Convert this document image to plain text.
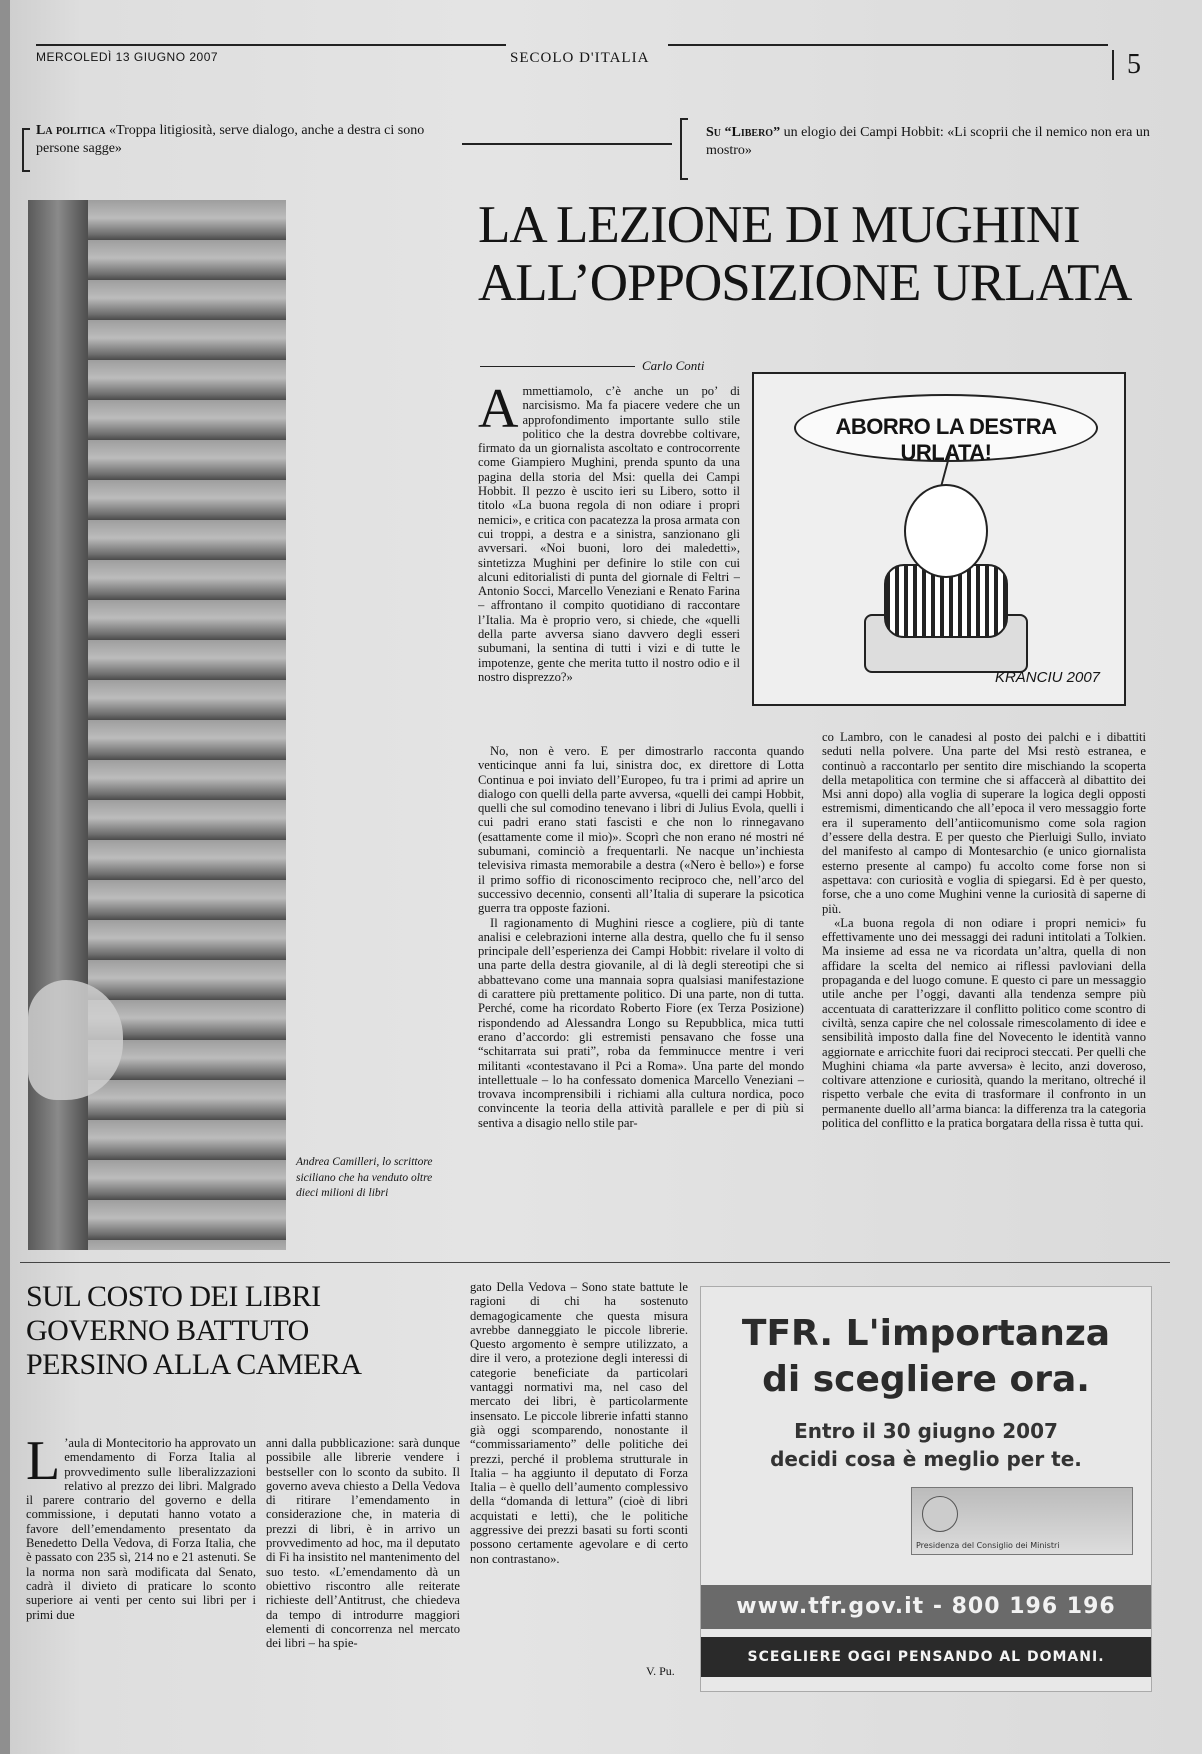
MERCOLEDÌ 13 GIUGNO 2007	SECOLO D'ITALIA	5
La politica «Troppa litigiosità, serve dialogo, anche a destra ci sono persone sagge»
Su “Libero” un elogio dei Campi Hobbit: «Li scoprii che il nemico non era un mostro»
LA LEZIONE DI MUGHINI
ALL’OPPOSIZIONE URLATA
Carlo Conti
Andrea Camilleri, lo scrittore siciliano che ha venduto oltre dieci milioni di libri
ABORRO LA DESTRA URLATA!
KRANCIU 2007

Ammettiamolo, c’è anche un po’ di narcisismo. Ma fa piacere vedere che un approfondimento importante sullo stile politico che la destra dovrebbe coltivare, firmato da un giornalista ascoltato e controcorrente come Giampiero Mughini, prenda spunto da una pagina della storia del Msi: quella dei Campi Hobbit. Il pezzo è uscito ieri su Libero, sotto il titolo «La buona regola di non odiare i propri nemici», e critica con pacatezza la prosa armata con cui troppi, a destra e a sinistra, sanzionano gli avversari. «Noi buoni, loro dei maledetti», sintetizza Mughini per definire lo stile con cui alcuni editorialisti di punta del giornale di Feltri – Antonio Socci, Marcello Veneziani e Renato Farina – affrontano il compito quotidiano di raccontare l’Italia. Ma è proprio vero, si chiede, che «quelli della parte avversa siano davvero degli esseri subumani, la sentina di tutti i vizi e di tutte le impotenze, gente che merita tutto il nostro odio e il nostro disprezzo?»

No, non è vero. E per dimostrarlo racconta quando venticinque anni fa lui, sinistra doc, ex direttore di Lotta Continua e poi inviato dell’Europeo, fu tra i primi ad aprire un dialogo con quelli della parte avversa, «quelli dei campi Hobbit, quelli che sul comodino tenevano i libri di Julius Evola, quelli i cui padri erano stati fascisti e che non lo rinnegavano (esattamente come il mio)». Scoprì che non erano né mostri né subumani, cominciò a frequentarli. Ne nacque un’inchiesta televisiva rimasta memorabile a destra («Nero è bello») e forse il primo soffio di riconoscimento reciproco che, nell’arco del successivo decennio, consentì all’Italia di superare la psicotica guerra tra opposte fazioni.

Il ragionamento di Mughini riesce a cogliere, più di tante analisi e celebrazioni interne alla destra, quello che fu il senso principale dell’esperienza dei Campi Hobbit: rivelare il volto di una parte della destra giovanile, al di là degli stereotipi che si abbattevano come una mannaia sopra qualsiasi manifestazione di carattere più prettamente politico. Di una parte, non di tutta. Perché, come ha ricordato Roberto Fiore (ex Terza Posizione) rispondendo ad Alessandra Longo su Repubblica, mica tutti erano d’accordo: gli estremisti pensavano che fosse una “schitarrata sui prati”, roba da femminucce mentre i veri militanti «contestavano il Pci a Roma». Una parte del mondo intellettuale – lo ha confessato domenica Marcello Veneziani – trovava incomprensibili i richiami alla cultura nordica, poco convincente la teoria della attività parallele e per di più si sentiva a disagio nello stile par-

co Lambro, con le canadesi al posto dei palchi e i dibattiti seduti nella polvere. Una parte del Msi restò estranea, e continuò a raccontarlo per sentito dire mischiando la scoperta della metapolitica con termine che si affaccerà al dibattito dei Msi anni dopo) alla voglia di superare la logica degli opposti estremismi, dimenticando che all’epoca il vero messaggio forte era il superamento dell’antiicomunismo come sola ragion d’essere della destra. E per questo che Pierluigi Sullo, inviato del manifesto al campo di Montesarchio (e unico giornalista esterno presente al campo) fu accolto come forse non si aspettava: con curiosità e voglia di spiegarsi. Ed è per questo, forse, che a uno come Mughini venne la curiosità di saperne di più.

«La buona regola di non odiare i propri nemici» fu effettivamente uno dei messaggi dei raduni intitolati a Tolkien. Ma insieme ad essa ne va ricordata un’altra, quella di non affidare la scelta del nemico ai riflessi pavloviani della propaganda e del luogo comune. E questo ci pare un messaggio utile anche per l’oggi, davanti alla tendenza sempre più accentuata di caratterizzare il conflitto politico come scontro di civiltà, senza capire che nel colossale rimescolamento di idee e sensibilità imposto dalla fine del Novecento le identità vanno aggiornate e arricchite fuori dai reciproci steccati. Per quelli che Mughini chiama «la parte avversa» è lecito, anzi doveroso, coltivare attenzione e curiosità, quando la meritano, oltreché il rispetto verbale che evita di trasformare il confronto in un permanente duello all’arma bianca: la differenza tra la categoria politica del conflitto e la pratica borgatara della rissa è tutta qui.

SUL COSTO DEI LIBRI
GOVERNO BATTUTO
PERSINO ALLA CAMERA

L ’aula di Montecitorio ha approvato un emendamento di Forza Italia al provvedimento sulle liberalizzazioni relativo al prezzo dei libri. Malgrado il parere contrario del governo e della commissione, i deputati hanno votato a favore dell’emendamento presentato da Benedetto Della Vedova, di Forza Italia, che è passato con 235 sì, 214 no e 21 astenuti. Se la norma non sarà modificata dal Senato, cadrà il divieto di praticare lo sconto superiore ai venti per cento sui libri per i primi due

anni dalla pubblicazione: sarà dunque possibile alle librerie vendere i bestseller con lo sconto da subito. Il governo aveva chiesto a Della Vedova di ritirare l’emendamento in considerazione che, in materia di prezzi di libri, è in arrivo un provvedimento ad hoc, ma il deputato di Fi ha insistito nel mantenimento del suo testo. «L’emendamento dà un obiettivo riscontro alle reiterate richieste dell’Antitrust, che chiedeva da tempo di introdurre maggiori elementi di concorrenza nel mercato dei libri – ha spie-

gato Della Vedova – Sono state battute le ragioni di chi ha sostenuto demagogicamente che questa misura avrebbe danneggiato le piccole librerie. Questo argomento è sempre utilizzato, a dire il vero, a protezione degli interessi di categorie beneficiate da particolari vantaggi normativi ma, nel caso del mercato dei libri, è particolarmente insensato. Le piccole librerie infatti stanno già oggi scomparendo, nonostante il “commissariamento” delle politiche dei prezzi, perché il problema strutturale in Italia – ha aggiunto il deputato di Forza Italia – è quello dell’aumento complessivo della “domanda di lettura” (cioè di libri acquistati e letti), che le politiche aggressive dei prezzi basati su forti sconti possono certamente agevolare e di certo non contrastano».

V. Pu.
TFR. L'importanza
di scegliere ora.
Entro il 30 giugno 2007
decidi cosa è meglio per te.
Presidenza del Consiglio dei Ministri
www.tfr.gov.it - 800 196 196
SCEGLIERE OGGI PENSANDO AL DOMANI.
